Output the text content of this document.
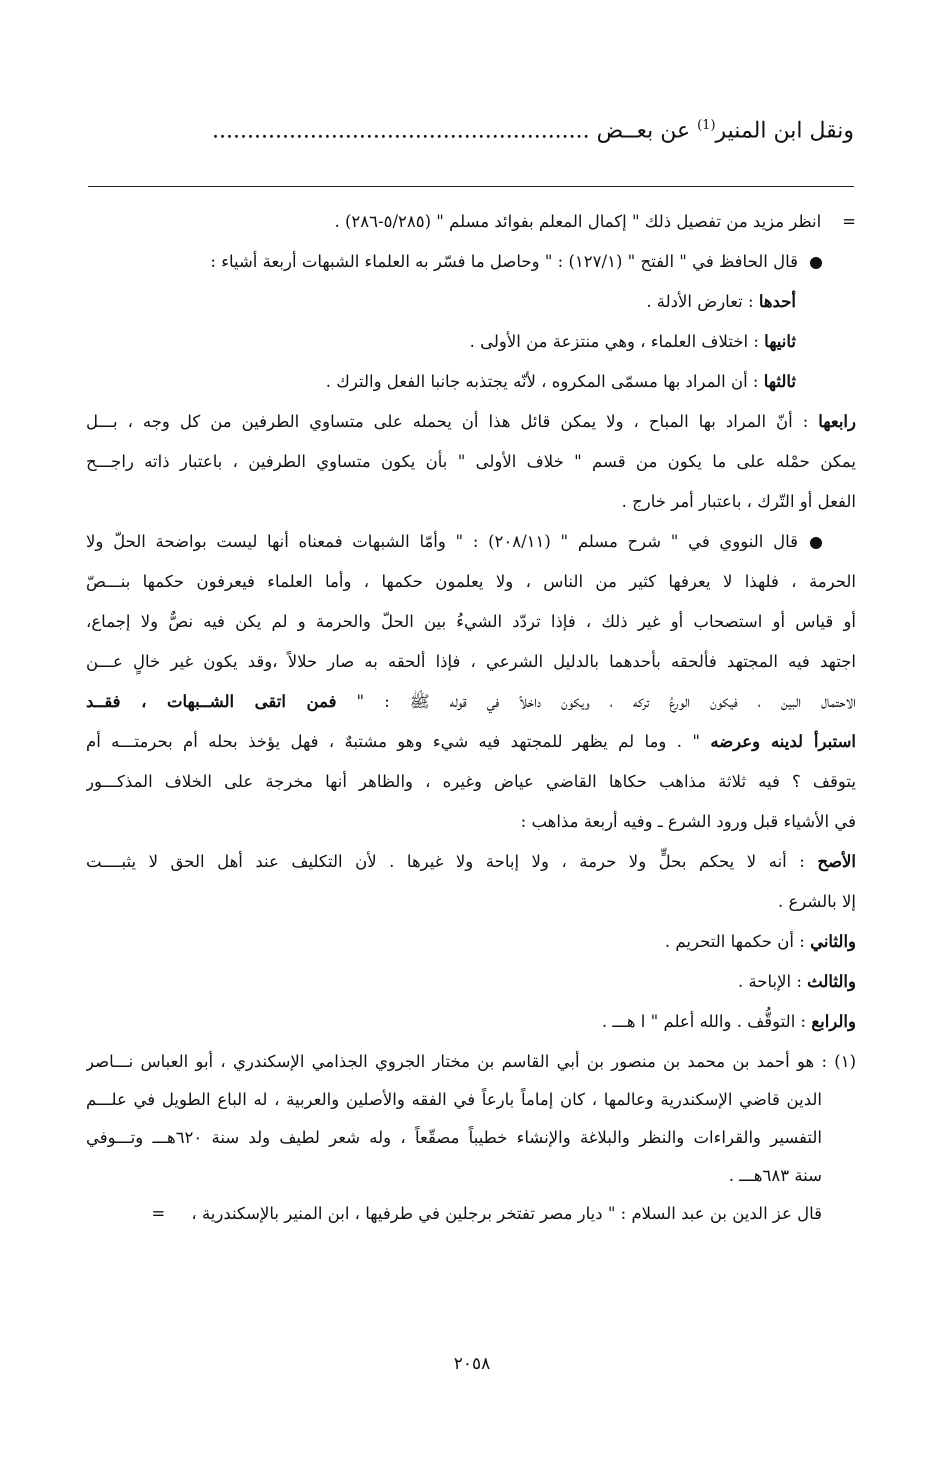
ونقل ابن المنير$^{(1)}$ عن بعــض ......................................................
=    انظر مزيد من تفصيل ذلك " إكمال المعلم بفوائد مسلم " (٥/٢٨٥-٢٨٦) .
قال الحافظ في " الفتح " (١٢٧/١) : " وحاصل ما فسّر به العلماء الشبهات أربعة أشياء :
أحدها : تعارض الأدلة .
ثانيها : اختلاف العلماء ، وهي منتزعة من الأولى .
ثالثها : أن المراد بها مسمّى المكروه ، لأنّه يجتذبه جانبا الفعل والترك .
رابعها : أنّ المراد بها المباح ، ولا يمكن قائل هذا أن يحمله على متساوي الطرفين من كل وجه ، بـــل
يمكن حمْله على ما يكون من قسم " خلاف الأولى " بأن يكون متساوي الطرفين ، باعتبار ذاته راجـــح
الفعل أو التّرك ، باعتبار أمر خارج .
قال النووي في " شرح مسلم " (٢٠٨/١١) : " وأمّا الشبهات فمعناه أنها ليست بواضحة الحلّ ولا
الحرمة ، فلهذا لا يعرفها كثير من الناس ، ولا يعلمون حكمها ، وأما العلماء فيعرفون حكمها بنـــصّ
أو قياس أو استصحاب أو غير ذلك ، فإذا تردّد الشيءُ بين الحلّ والحرمة و لم يكن فيه نصٌّ ولا إجماع،
اجتهد فيه المجتهد فألحقه بأحدهما بالدليل الشرعي ، فإذا ألحقه به صار حلالاً ،وقد يكون غير خالٍ عـــن
الاحتمال البين ، فيكون الورعُ تركه ، ويكون داخلاً في قوله ﷺ : " فمن اتقى الشــبهات ، فقــد
استبرأ لدينه وعرضه " . وما لم يظهر للمجتهد فيه شيء وهو مشتبهٌ ، فهل يؤخذ بحله أم بحرمتـــه أم
يتوقف ؟ فيه ثلاثة مذاهب حكاها القاضي عياض وغيره ، والظاهر أنها مخرجة على الخلاف المذكـــور
في الأشياء قبل ورود الشرع ـ وفيه أربعة مذاهب :
الأصح : أنه لا يحكم بحلٍّ ولا حرمة ، ولا إباحة ولا غيرها . لأن التكليف عند أهل الحق لا يثبــــت
إلا بالشرع .
والثاني : أن حكمها التحريم .
والثالث : الإباحة .
والرابع : التوقُّف . والله أعلم " ا هـــ .
(١) : هو أحمد بن محمد بن منصور بن أبي القاسم بن مختار الجروي الجذامي الإسكندري ، أبو العباس نـــاصر
الدين قاضي الإسكندرية وعالمها ، كان إماماً بارعاً في الفقه والأصلين والعربية ، له الباع الطويل في علـــم
التفسير والقراءات والنظر والبلاغة والإنشاء خطيباً مصقّعاً ، وله شعر لطيف ولد سنة ٦٢٠هـــ وتـــوفي
سنة ٦٨٣هـــ .
قال عز الدين بن عبد السلام : " ديار مصر تفتخر برجلين في طرفيها ، ابن المنير بالإسكندرية ،     =
٢٠٥٨
